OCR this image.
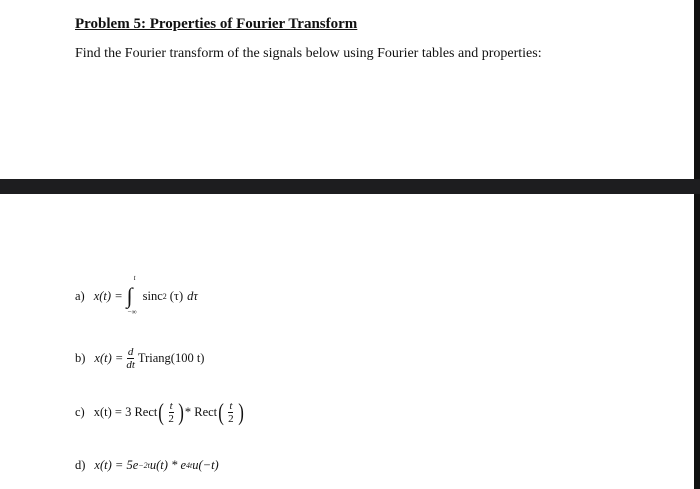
Problem 5: Properties of Fourier Transform
Find the Fourier transform of the signals below using Fourier tables and properties:
a) x(t) = ∫
t
−∞
sinc 2 (τ) dτ
b) $x(t) = \frac{d}{dt}$ Triang (100 t)
c) x(t) = 3 Rect ( $\frac{t}{2}$ ) * Rect ( $\frac{t}{2}$ )
d) x(t) = 5e −2t u(t) * e 4t u(−t)
